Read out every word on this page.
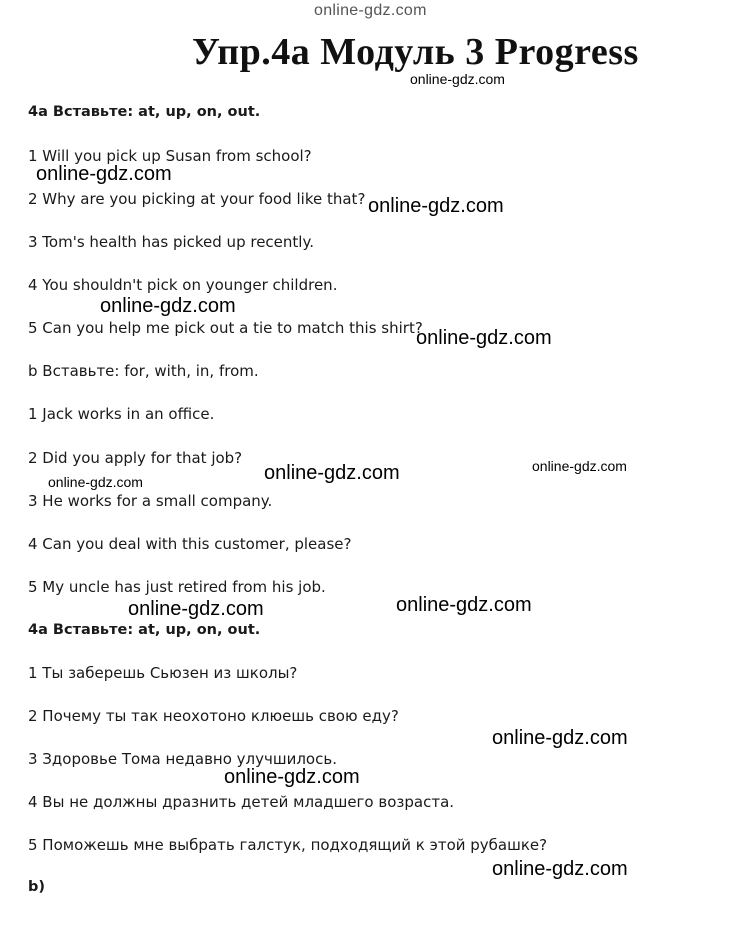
Упр.4а Модуль 3 Progress
4а Вставьте: at, up, on, out.
1 Will you pick up Susan from school?
2 Why are you picking at your food like that?
3 Tom's health has picked up recently.
4 You shouldn't pick on younger children.
5 Can you help me pick out a tie to match this shirt?
b Вставьте: for, with, in, from.
1 Jack works in an office.
2 Did you apply for that job?
3 He works for a small company.
4 Can you deal with this customer, please?
5 My uncle has just retired from his job.
4а Вставьте: at, up, on, out.
1 Ты заберешь Сьюзен из школы?
2 Почему ты так неохотоно клюешь свою еду?
3 Здоровье Тома недавно улучшилось.
4 Вы не должны дразнить детей младшего возраста.
5 Поможешь мне выбрать галстук, подходящий к этой рубашке?
b)
online-gdz.com
online-gdz.com
online-gdz.com
online-gdz.com
online-gdz.com
online-gdz.com
online-gdz.com	online-gdz.com
online-gdz.com
online-gdz.com	online-gdz.com
online-gdz.com
online-gdz.com
online-gdz.com
